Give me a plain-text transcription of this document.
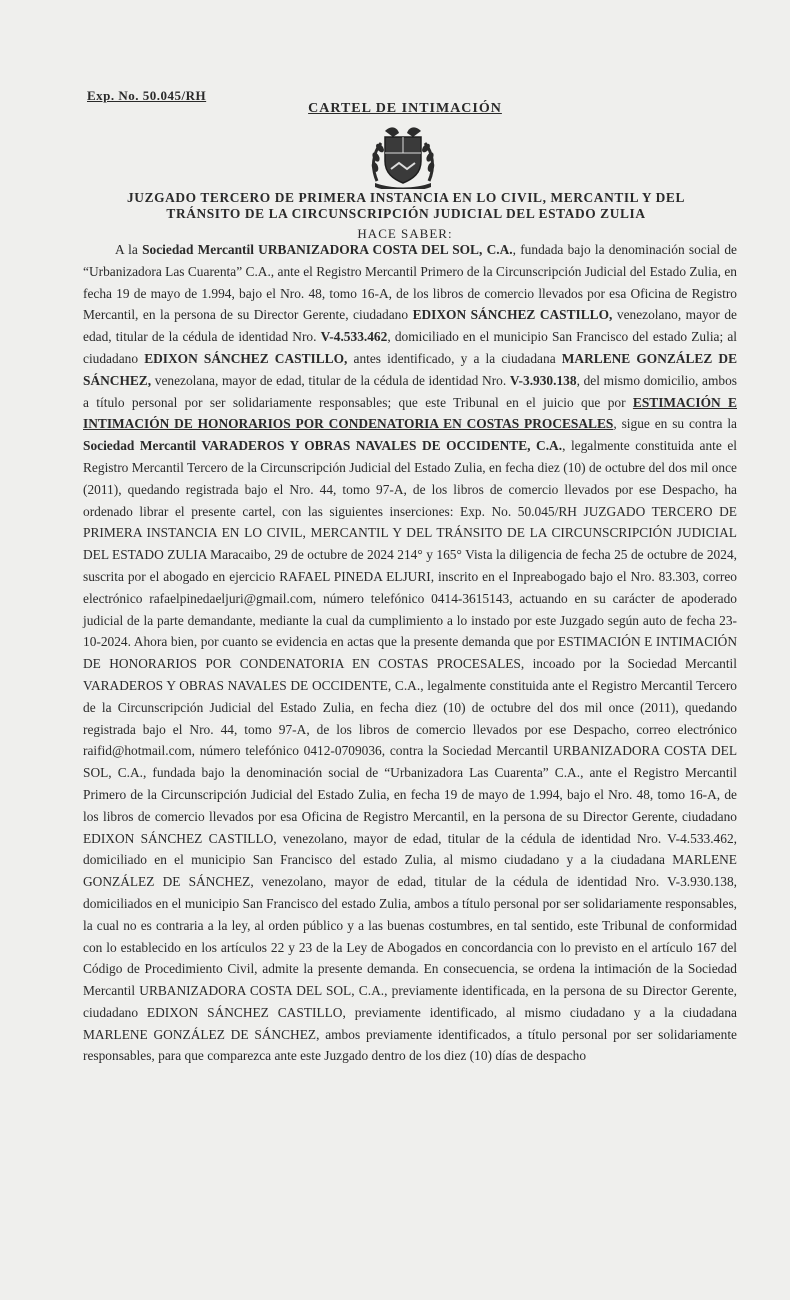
Exp. No. 50.045/RH
CARTEL DE INTIMACIÓN
JUZGADO TERCERO DE PRIMERA INSTANCIA EN LO CIVIL, MERCANTIL Y DEL
TRÁNSITO DE LA CIRCUNSCRIPCIÓN JUDICIAL DEL ESTADO ZULIA
HACE SABER:
A la Sociedad Mercantil URBANIZADORA COSTA DEL SOL, C.A., fundada bajo la denominación social de “Urbanizadora Las Cuarenta” C.A., ante el Registro Mercantil Primero de la Circunscripción Judicial del Estado Zulia, en fecha 19 de mayo de 1.994, bajo el Nro. 48, tomo 16-A, de los libros de comercio llevados por esa Oficina de Registro Mercantil, en la persona de su Director Gerente, ciudadano EDIXON SÁNCHEZ CASTILLO, venezolano, mayor de edad, titular de la cédula de identidad Nro. V-4.533.462, domiciliado en el municipio San Francisco del estado Zulia; al ciudadano EDIXON SÁNCHEZ CASTILLO, antes identificado, y a la ciudadana MARLENE GONZÁLEZ DE SÁNCHEZ, venezolana, mayor de edad, titular de la cédula de identidad Nro. V-3.930.138, del mismo domicilio, ambos a título personal por ser solidariamente responsables; que este Tribunal en el juicio que por ESTIMACIÓN E INTIMACIÓN DE HONORARIOS POR CONDENATORIA EN COSTAS PROCESALES, sigue en su contra la Sociedad Mercantil VARADEROS Y OBRAS NAVALES DE OCCIDENTE, C.A., legalmente constituida ante el Registro Mercantil Tercero de la Circunscripción Judicial del Estado Zulia, en fecha diez (10) de octubre del dos mil once (2011), quedando registrada bajo el Nro. 44, tomo 97-A, de los libros de comercio llevados por ese Despacho, ha ordenado librar el presente cartel, con las siguientes inserciones: Exp. No. 50.045/RH JUZGADO TERCERO DE PRIMERA INSTANCIA EN LO CIVIL, MERCANTIL Y DEL TRÁNSITO DE LA CIRCUNSCRIPCIÓN JUDICIAL DEL ESTADO ZULIA Maracaibo, 29 de octubre de 2024 214° y 165° Vista la diligencia de fecha 25 de octubre de 2024, suscrita por el abogado en ejercicio RAFAEL PINEDA ELJURI, inscrito en el Inpreabogado bajo el Nro. 83.303, correo electrónico rafaelpinedaeljuri@gmail.com, número telefónico 0414-3615143, actuando en su carácter de apoderado judicial de la parte demandante, mediante la cual da cumplimiento a lo instado por este Juzgado según auto de fecha 23-10-2024. Ahora bien, por cuanto se evidencia en actas que la presente demanda que por ESTIMACIÓN E INTIMACIÓN DE HONORARIOS POR CONDENATORIA EN COSTAS PROCESALES, incoado por la Sociedad Mercantil VARADEROS Y OBRAS NAVALES DE OCCIDENTE, C.A., legalmente constituida ante el Registro Mercantil Tercero de la Circunscripción Judicial del Estado Zulia, en fecha diez (10) de octubre del dos mil once (2011), quedando registrada bajo el Nro. 44, tomo 97-A, de los libros de comercio llevados por ese Despacho, correo electrónico raifid@hotmail.com, número telefónico 0412-0709036, contra la Sociedad Mercantil URBANIZADORA COSTA DEL SOL, C.A., fundada bajo la denominación social de “Urbanizadora Las Cuarenta” C.A., ante el Registro Mercantil Primero de la Circunscripción Judicial del Estado Zulia, en fecha 19 de mayo de 1.994, bajo el Nro. 48, tomo 16-A, de los libros de comercio llevados por esa Oficina de Registro Mercantil, en la persona de su Director Gerente, ciudadano EDIXON SÁNCHEZ CASTILLO, venezolano, mayor de edad, titular de la cédula de identidad Nro. V-4.533.462, domiciliado en el municipio San Francisco del estado Zulia, al mismo ciudadano y a la ciudadana MARLENE GONZÁLEZ DE SÁNCHEZ, venezolano, mayor de edad, titular de la cédula de identidad Nro. V-3.930.138, domiciliados en el municipio San Francisco del estado Zulia, ambos a título personal por ser solidariamente responsables, la cual no es contraria a la ley, al orden público y a las buenas costumbres, en tal sentido, este Tribunal de conformidad con lo establecido en los artículos 22 y 23 de la Ley de Abogados en concordancia con lo previsto en el artículo 167 del Código de Procedimiento Civil, admite la presente demanda. En consecuencia, se ordena la intimación de la Sociedad Mercantil URBANIZADORA COSTA DEL SOL, C.A., previamente identificada, en la persona de su Director Gerente, ciudadano EDIXON SÁNCHEZ CASTILLO, previamente identificado, al mismo ciudadano y a la ciudadana MARLENE GONZÁLEZ DE SÁNCHEZ, ambos previamente identificados, a título personal por ser solidariamente responsables, para que comparezca ante este Juzgado dentro de los diez (10) días de despacho
